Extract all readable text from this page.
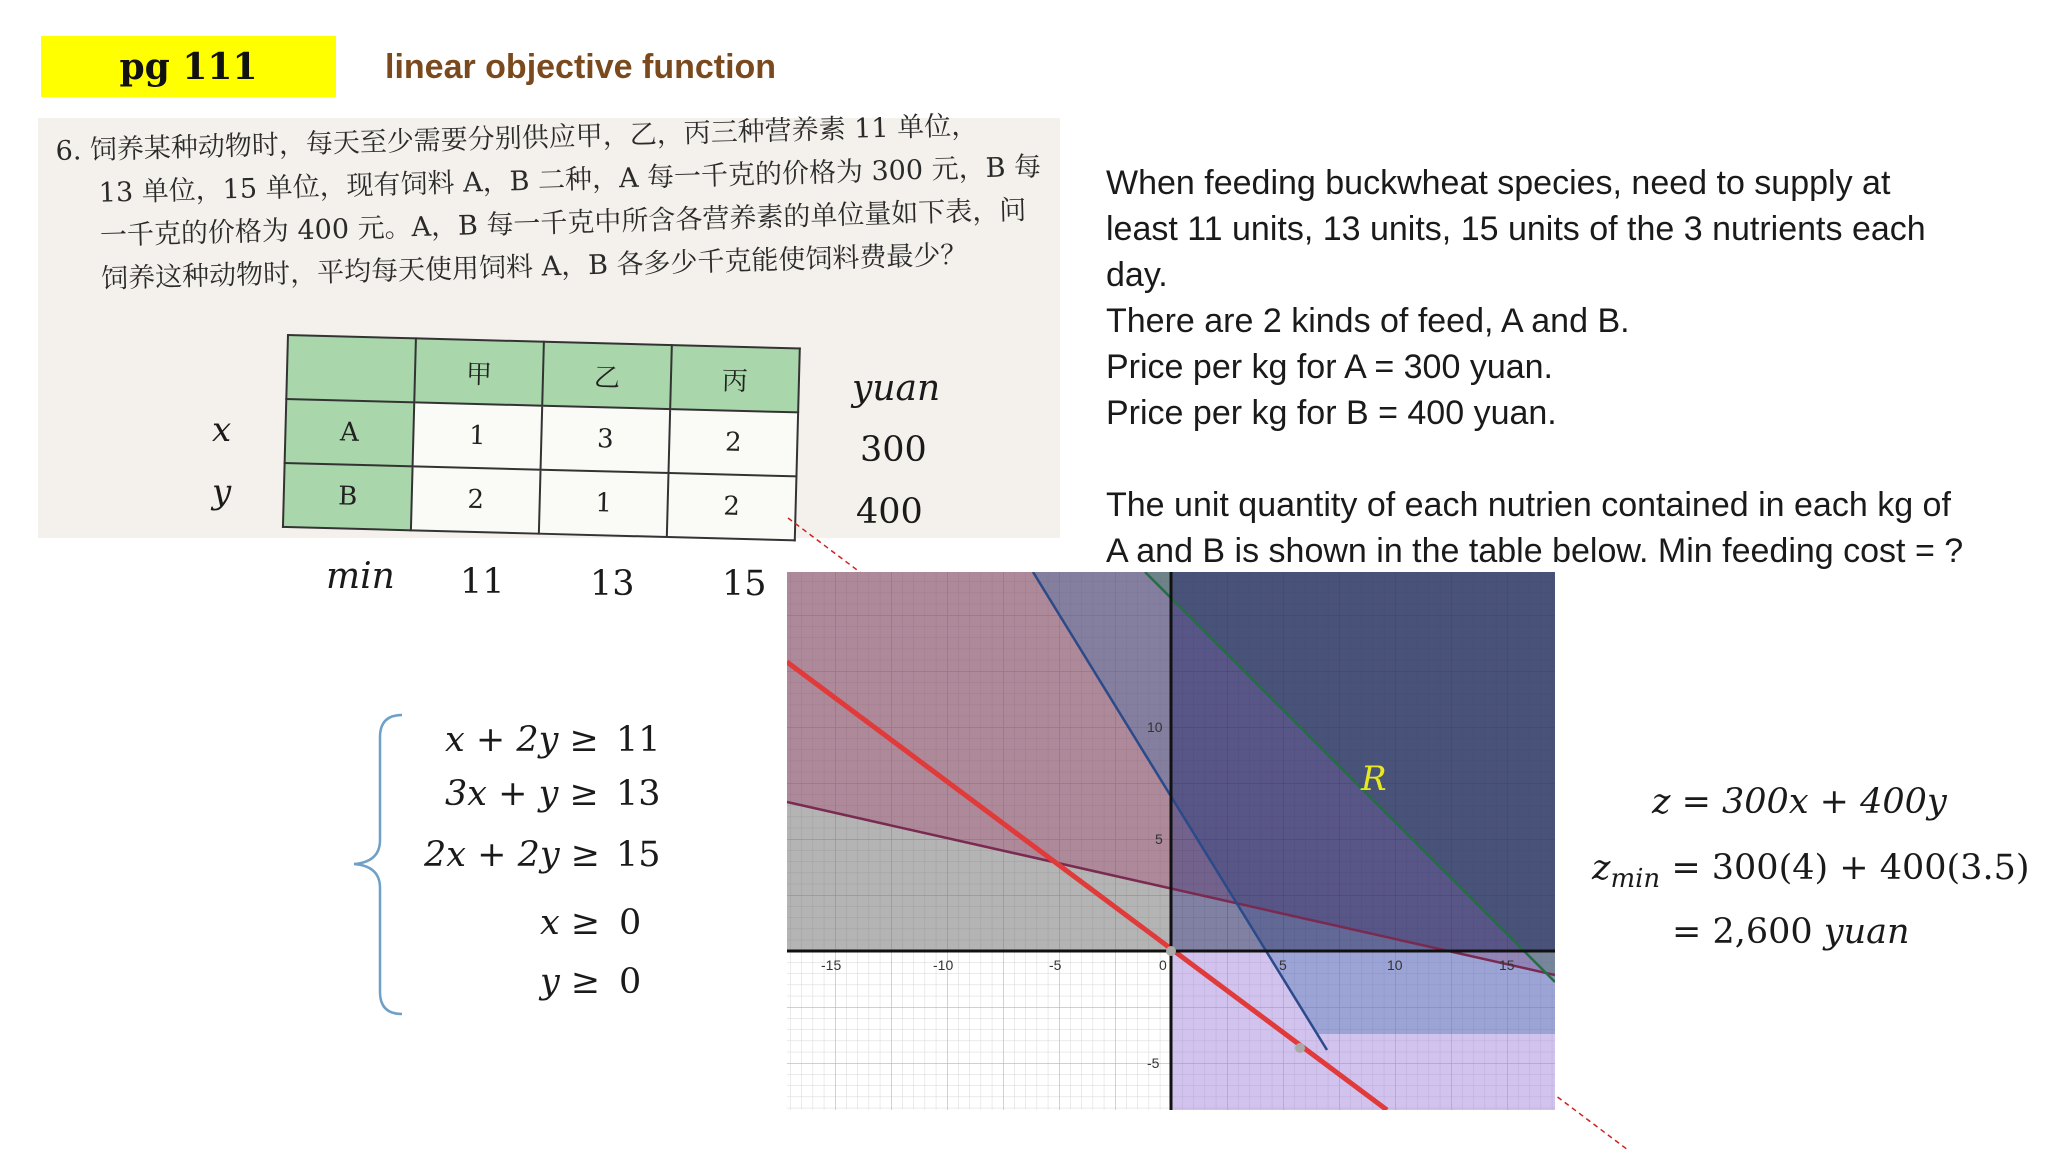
pg 111	linear objective function
6. 饲养某种动物时，每天至少需要分别供应甲，乙，丙三种营养素 11 单位，
13 单位，15 单位，现有饲料 A，B 二种，A 每一千克的价格为 300 元，B 每
一千克的价格为 400 元。A，B 每一千克中所含各营养素的单位量如下表，问
饲养这种动物时，平均每天使用饲料 A，B 各多少千克能使饲料费最少？
	甲	乙	丙
A	1	3	2
B	2	1	2
x
y
yuan
300
400
min 11 13 15
When feeding buckwheat species, need to supply at
least 11 units, 13 units, 15 units of the 3 nutrients each
day.
There are 2 kinds of feed, A and B.
Price per kg for A = 300 yuan.
Price per kg for B = 400 yuan.
The unit quantity of each nutrien contained in each kg of
A and B is shown in the table below. Min feeding cost = ?
x + 2y ≥ 11
3x + y ≥ 13
2x + 2y ≥ 15
x ≥ 0
y ≥ 0
z = 300x + 400y
$z_{min} = 300(4) + 400(3.5)$
= 2,600 yuan
-15	-10	-5	0	5	10	15
10
5
-5
R
